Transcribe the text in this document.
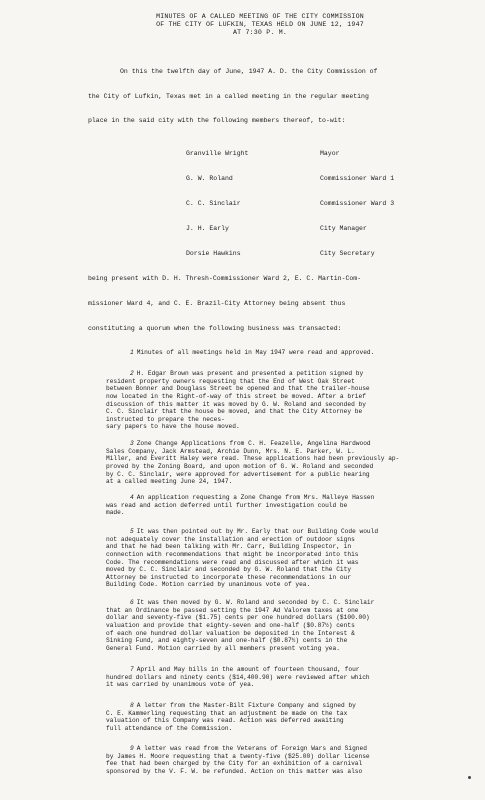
MINUTES OF A CALLED MEETING OF THE CITY COMMISSION
OF THE CITY OF LUFKIN, TEXAS HELD ON JUNE 12, 1947
AT 7:30 P. M.
On this the twelfth day of June, 1947 A. D. the City Commission of
the City of Lufkin, Texas met in a called meeting in the regular meeting
place in the said city with the following members thereof, to-wit:
Granville Wright	Mayor
G. W. Roland	Commissioner Ward 1
C. C. Sinclair	Commissioner Ward 3
J. H. Early	City Manager
Dorsie Hawkins	City Secretary
being present with D. H. Thresh-Commissioner Ward 2, E. C. Martin-Com-
missioner Ward 4, and C. E. Brazil-City Attorney being absent thus
constituting a quorum when the following business was transacted:
1 Minutes of all meetings held in May 1947 were read and approved.
2 H. Edgar Brown was present and presented a petition signed by
resident property owners requesting that the End of West Oak Street
between Bonner and Douglass Street be opened and that the trailer-house
now located in the Right-of-way of this street be moved. After a brief
discussion of this matter it was moved by G. W. Roland and seconded by
C. C. Sinclair that the house be moved, and that the City Attorney be
instructed to prepare the neces-
sary papers to have the house moved.
3 Zone Change Applications from C. H. Feazelle, Angelina Hardwood
Sales Company, Jack Armstead, Archie Dunn, Mrs. N. E. Parker, W. L.
Miller, and Everitt Haley were read. These applications had been previously ap-
proved by the Zoning Board, and upon motion of G. W. Roland and seconded
by C. C. Sinclair, were approved for advertisement for a public hearing
at a called meeting June 24, 1947.
4 An application requesting a Zone Change from Mrs. Malleye Hassen
was read and action deferred until further investigation could be
made.
5 It was then pointed out by Mr. Early that our Building Code would
not adequately cover the installation and erection of outdoor signs
and that he had been talking with Mr. Carr, Building Inspector, in
connection with recommendations that might be incorporated into this
Code. The recommendations were read and discussed after which it was
moved by C. C. Sinclair and seconded by G. W. Roland that the City
Attorney be instructed to incorporate these recommendations in our
Building Code. Motion carried by unanimous vote of yea.
6 It was then moved by G. W. Roland and seconded by C. C. Sinclair
that an Ordinance be passed setting the 1947 Ad Valorem taxes at one
dollar and seventy-five ($1.75) cents per one hundred dollars ($100.00)
valuation and provide that eighty-seven and one-half ($0.87½) cents
of each one hundred dollar valuation be deposited in the Interest &
Sinking Fund, and eighty-seven and one-half ($0.87½) cents in the
General Fund. Motion carried by all members present voting yea.
7 April and May bills in the amount of fourteen thousand, four
hundred dollars and ninety cents ($14,400.90) were reviewed after which
it was carried by unanimous vote of yea.
8 A letter from the Master-Bilt Fixture Company and signed by
C. E. Kammerling requesting that an adjustment be made on the tax
valuation of this Company was read. Action was deferred awaiting
full attendance of the Commission.
9 A letter was read from the Veterans of Foreign Wars and Signed
by James H. Moore requesting that a twenty-five ($25.00) dollar license
fee that had been charged by the City for an exhibition of a carnival
sponsored by the V. F. W. be refunded. Action on this matter was also
